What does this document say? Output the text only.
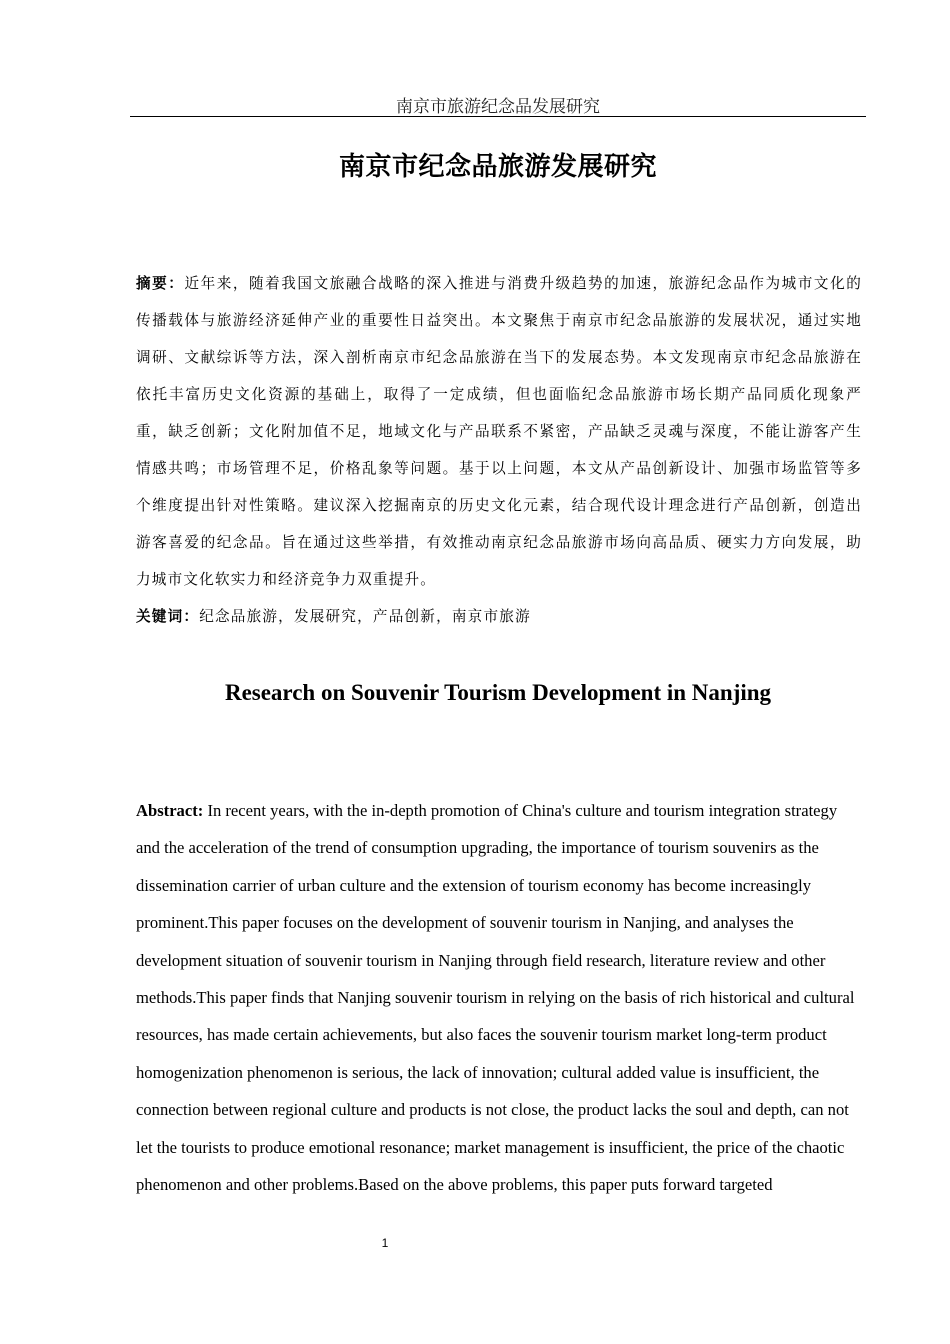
南京市旅游纪念品发展研究
南京市纪念品旅游发展研究
摘要：近年来，随着我国文旅融合战略的深入推进与消费升级趋势的加速，旅游纪念品作为城市文化的传播载体与旅游经济延伸产业的重要性日益突出。本文聚焦于南京市纪念品旅游的发展状况，通过实地调研、文献综诉等方法，深入剖析南京市纪念品旅游在当下的发展态势。本文发现南京市纪念品旅游在依托丰富历史文化资源的基础上，取得了一定成绩，但也面临纪念品旅游市场长期产品同质化现象严重，缺乏创新；文化附加值不足，地域文化与产品联系不紧密，产品缺乏灵魂与深度，不能让游客产生情感共鸣；市场管理不足，价格乱象等问题。基于以上问题，本文从产品创新设计、加强市场监管等多个维度提出针对性策略。建议深入挖掘南京的历史文化元素，结合现代设计理念进行产品创新，创造出游客喜爱的纪念品。旨在通过这些举措，有效推动南京纪念品旅游市场向高品质、硬实力方向发展，助力城市文化软实力和经济竞争力双重提升。
关键词：纪念品旅游，发展研究，产品创新，南京市旅游
Research on Souvenir Tourism Development in Nanjing
Abstract: In recent years, with the in-depth promotion of China's culture and tourism integration strategy and the acceleration of the trend of consumption upgrading, the importance of tourism souvenirs as the dissemination carrier of urban culture and the extension of tourism economy has become increasingly prominent.This paper focuses on the development of souvenir tourism in Nanjing, and analyses the development situation of souvenir tourism in Nanjing through field research, literature review and other methods.This paper finds that Nanjing souvenir tourism in relying on the basis of rich historical and cultural resources, has made certain achievements, but also faces the souvenir tourism market long-term product homogenization phenomenon is serious, the lack of innovation; cultural added value is insufficient, the connection between regional culture and products is not close, the product lacks the soul and depth, can not let the tourists to produce emotional resonance; market management is insufficient, the price of the chaotic phenomenon and other problems.Based on the above problems, this paper puts forward targeted
1
